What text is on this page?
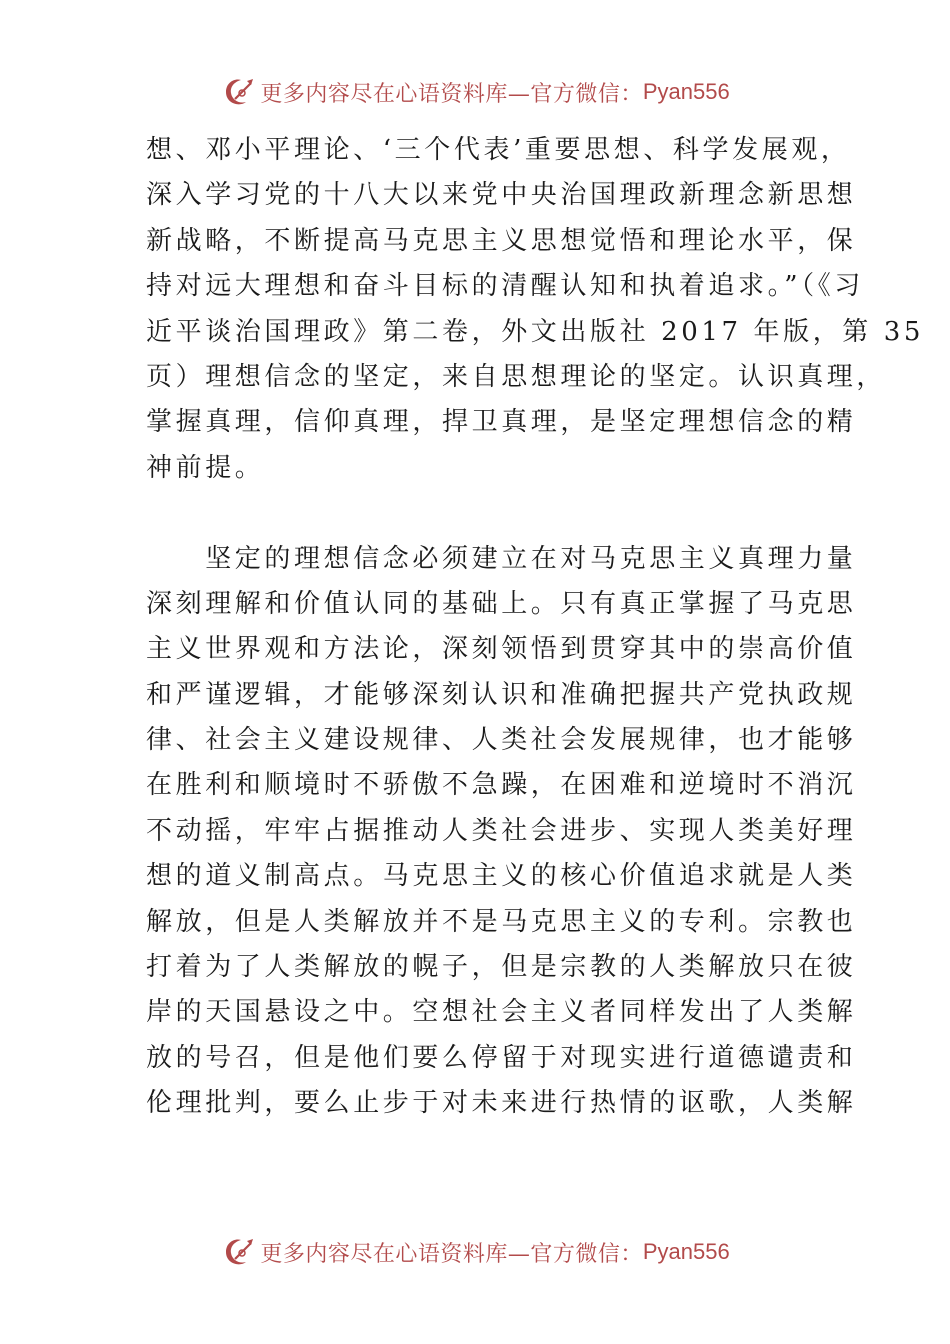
更多内容尽在心语资料库—官方微信： Pyan556
想、邓小平理论、‘三个代表’重要思想、科学发展观，
深入学习党的十八大以来党中央治国理政新理念新思想
新战略，不断提高马克思主义思想觉悟和理论水平，保
持对远大理想和奋斗目标的清醒认知和执着追求。”（《习
近平谈治国理政》第二卷，外文出版社 2017 年版，第 35
页）理想信念的坚定，来自思想理论的坚定。认识真理，
掌握真理，信仰真理，捍卫真理，是坚定理想信念的精
神前提。
　　坚定的理想信念必须建立在对马克思主义真理力量
深刻理解和价值认同的基础上。只有真正掌握了马克思
主义世界观和方法论，深刻领悟到贯穿其中的崇高价值
和严谨逻辑，才能够深刻认识和准确把握共产党执政规
律、社会主义建设规律、人类社会发展规律，也才能够
在胜利和顺境时不骄傲不急躁，在困难和逆境时不消沉
不动摇，牢牢占据推动人类社会进步、实现人类美好理
想的道义制高点。马克思主义的核心价值追求就是人类
解放，但是人类解放并不是马克思主义的专利。宗教也
打着为了人类解放的幌子，但是宗教的人类解放只在彼
岸的天国悬设之中。空想社会主义者同样发出了人类解
放的号召，但是他们要么停留于对现实进行道德谴责和
伦理批判，要么止步于对未来进行热情的讴歌，人类解
更多内容尽在心语资料库—官方微信： Pyan556
